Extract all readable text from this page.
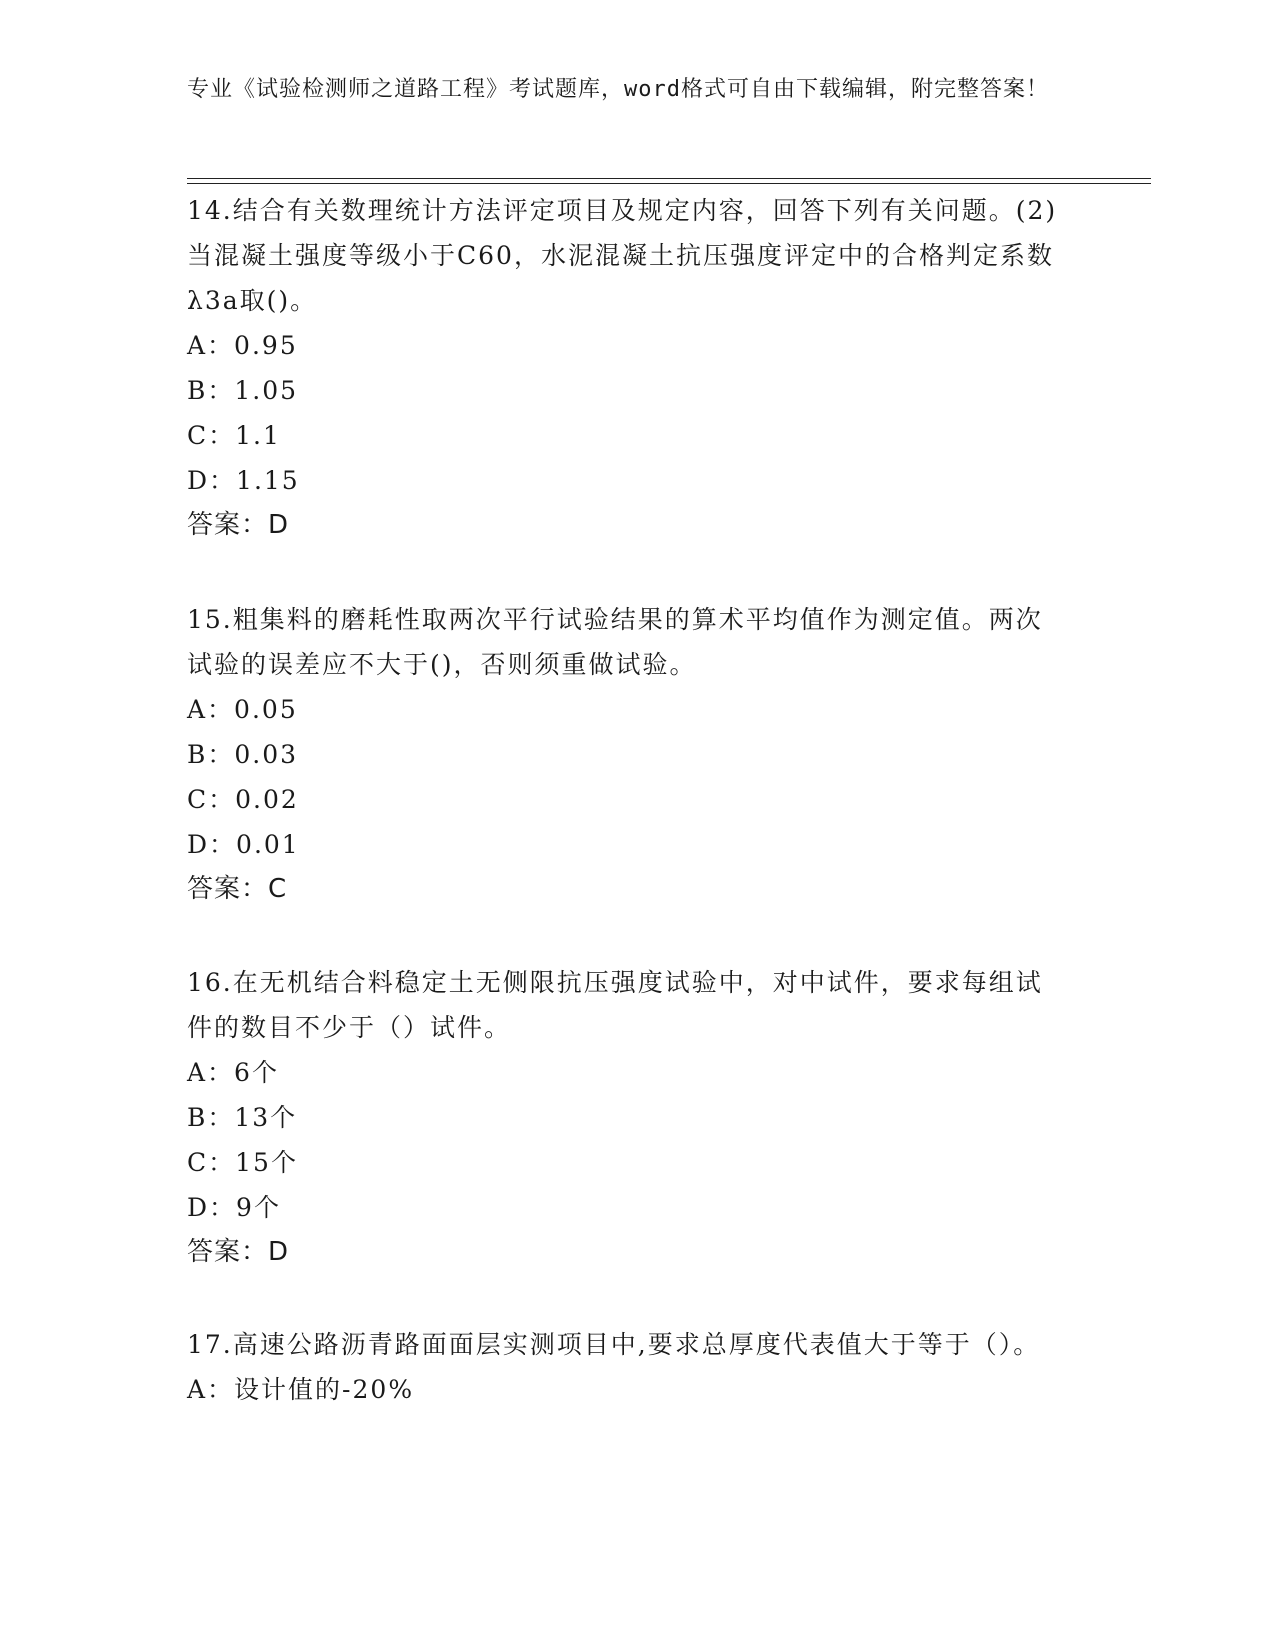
专业《试验检测师之道路工程》考试题库，word格式可自由下载编辑，附完整答案！

14.结合有关数理统计方法评定项目及规定内容，回答下列有关问题。(2)当混凝土强度等级小于C60，水泥混凝土抗压强度评定中的合格判定系数λ3a取()。

A：0.95

B：1.05

C：1.1

D：1.15

答案：D

15.粗集料的磨耗性取两次平行试验结果的算术平均值作为测定值。两次试验的误差应不大于()，否则须重做试验。

A：0.05

B：0.03

C：0.02

D：0.01

答案：C

16.在无机结合料稳定土无侧限抗压强度试验中，对中试件，要求每组试件的数目不少于（）试件。

A：6个

B：13个

C：15个

D：9个

答案：D

17.高速公路沥青路面面层实测项目中,要求总厚度代表值大于等于（）。

A：设计值的-20%
